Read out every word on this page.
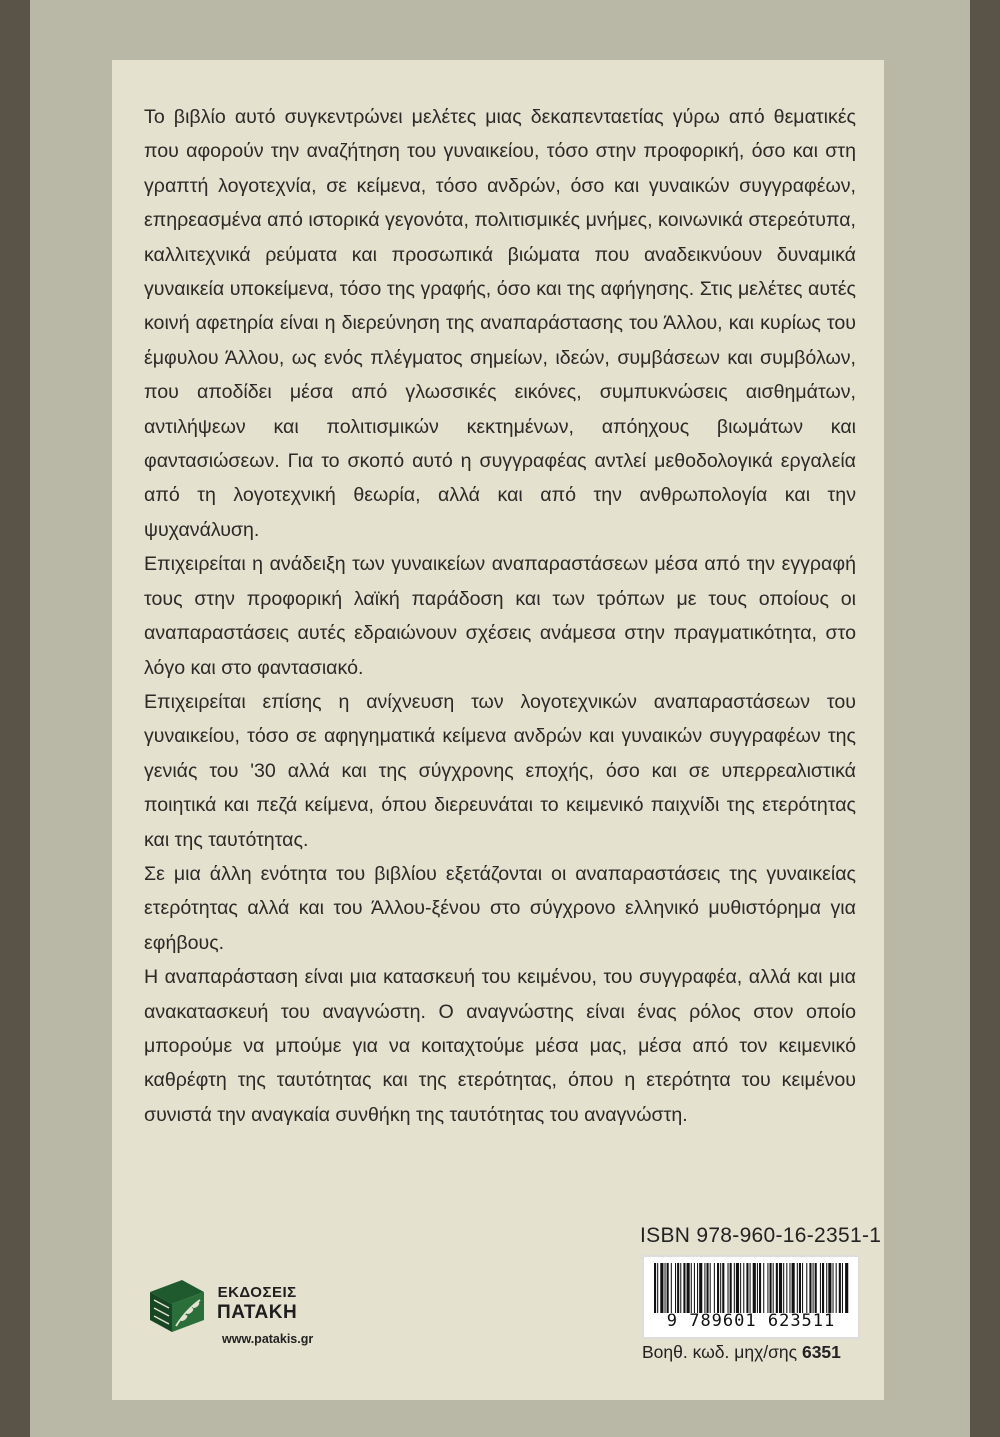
Το βιβλίο αυτό συγκεντρώνει μελέτες μιας δεκαπενταετίας γύρω από θεματικές που αφορούν την αναζήτηση του γυναικείου, τόσο στην προφορική, όσο και στη γραπτή λογοτεχνία, σε κείμενα, τόσο ανδρών, όσο και γυναικών συγγραφέων, επηρεασμένα από ιστορικά γεγονότα, πολιτισμικές μνήμες, κοινωνικά στερεότυπα, καλλιτεχνικά ρεύματα και προσωπικά βιώματα που αναδεικνύουν δυναμικά γυναικεία υποκείμενα, τόσο της γραφής, όσο και της αφήγησης. Στις μελέτες αυτές κοινή αφετηρία είναι η διερεύνηση της αναπαράστασης του Άλλου, και κυρίως του έμφυλου Άλλου, ως ενός πλέγματος σημείων, ιδεών, συμβάσεων και συμβόλων, που αποδίδει μέσα από γλωσσικές εικόνες, συμπυκνώσεις αισθημάτων, αντιλήψεων και πολιτισμικών κεκτημένων, απόηχους βιωμάτων και φαντασιώσεων. Για το σκοπό αυτό η συγγραφέας αντλεί μεθοδολογικά εργαλεία από τη λογοτεχνική θεωρία, αλλά και από την ανθρωπολογία και την ψυχανάλυση.

Επιχειρείται η ανάδειξη των γυναικείων αναπαραστάσεων μέσα από την εγγραφή τους στην προφορική λαϊκή παράδοση και των τρόπων με τους οποίους οι αναπαραστάσεις αυτές εδραιώνουν σχέσεις ανάμεσα στην πραγματικότητα, στο λόγο και στο φαντασιακό.

Επιχειρείται επίσης η ανίχνευση των λογοτεχνικών αναπαραστάσεων του γυναικείου, τόσο σε αφηγηματικά κείμενα ανδρών και γυναικών συγγραφέων της γενιάς του '30 αλλά και της σύγχρονης εποχής, όσο και σε υπερρεαλιστικά ποιητικά και πεζά κείμενα, όπου διερευνάται το κειμενικό παιχνίδι της ετερότητας και της ταυτότητας.

Σε μια άλλη ενότητα του βιβλίου εξετάζονται οι αναπαραστάσεις της γυναικείας ετερότητας αλλά και του Άλλου-ξένου στο σύγχρονο ελληνικό μυθιστόρημα για εφήβους.

Η αναπαράσταση είναι μια κατασκευή του κειμένου, του συγγραφέα, αλλά και μια ανακατασκευή του αναγνώστη. Ο αναγνώστης είναι ένας ρόλος στον οποίο μπορούμε να μπούμε για να κοιταχτούμε μέσα μας, μέσα από τον κειμενικό καθρέφτη της ταυτότητας και της ετερότητας, όπου η ετερότητα του κειμένου συνιστά την αναγκαία συνθήκη της ταυτότητας του αναγνώστη.

ΕΚΔΟΣΕΙΣ
ΠΑΤΑΚΗ
www.patakis.gr
ISBN 978-960-16-2351-1
9 789601 623511
Βοηθ. κωδ. μηχ/σης 6351
